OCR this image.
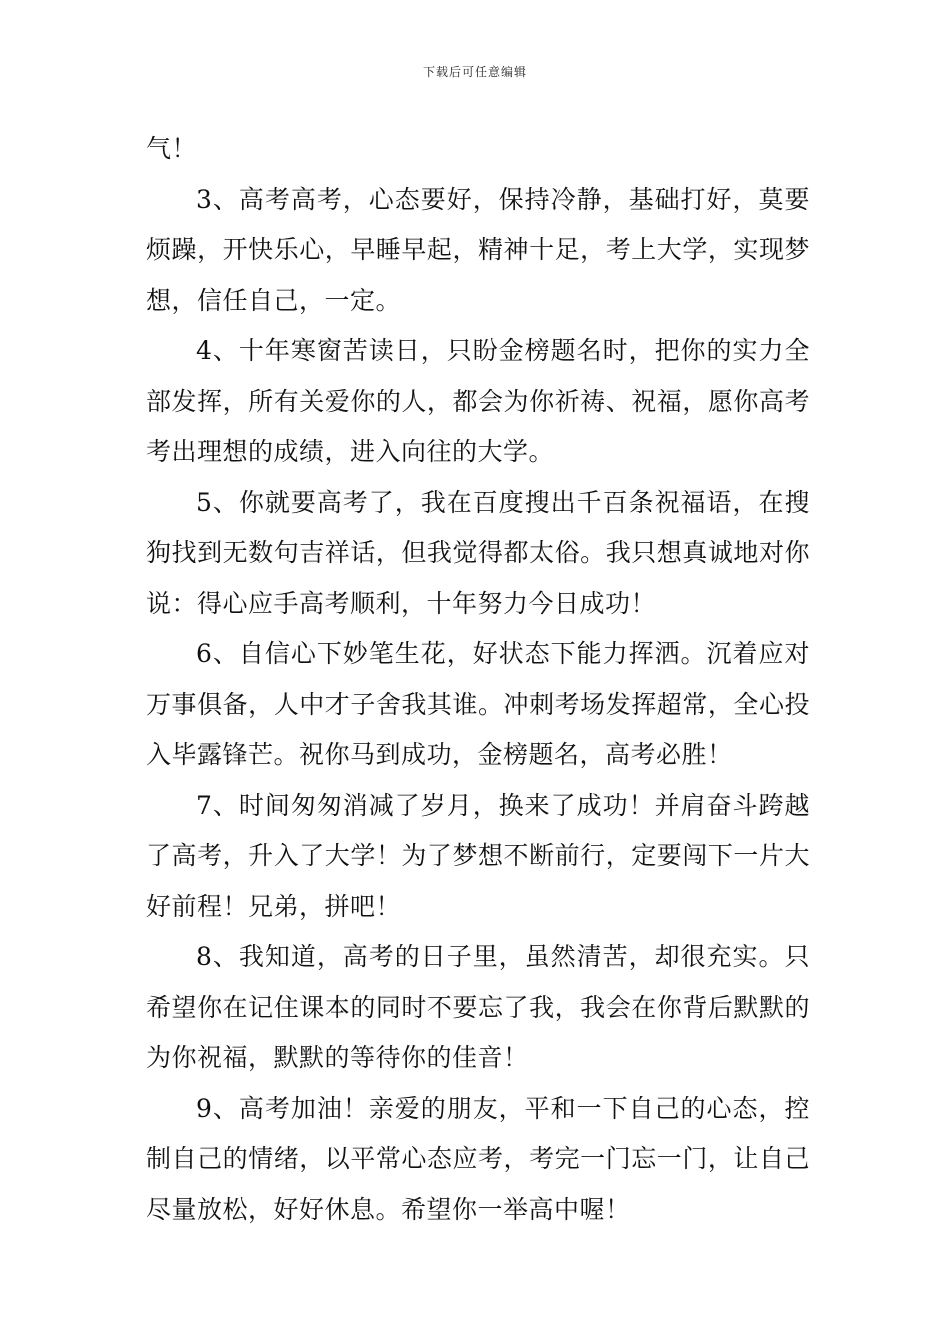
下载后可任意编辑

气！

3、高考高考，心态要好，保持冷静，基础打好，莫要烦躁，开快乐心，早睡早起，精神十足，考上大学，实现梦想，信任自己，一定。

4、十年寒窗苦读日，只盼金榜题名时，把你的实力全部发挥，所有关爱你的人，都会为你祈祷、祝福，愿你高考考出理想的成绩，进入向往的大学。

5、你就要高考了，我在百度搜出千百条祝福语，在搜狗找到无数句吉祥话，但我觉得都太俗。我只想真诚地对你说：得心应手高考顺利，十年努力今日成功！

6、自信心下妙笔生花，好状态下能力挥洒。沉着应对万事俱备，人中才子舍我其谁。冲刺考场发挥超常，全心投入毕露锋芒。祝你马到成功，金榜题名，高考必胜！

7、时间匆匆消减了岁月，换来了成功！并肩奋斗跨越了高考，升入了大学！为了梦想不断前行，定要闯下一片大好前程！兄弟，拼吧！

8、我知道，高考的日子里，虽然清苦，却很充实。只希望你在记住课本的同时不要忘了我，我会在你背后默默的为你祝福，默默的等待你的佳音！

9、高考加油！亲爱的朋友，平和一下自己的心态，控制自己的情绪，以平常心态应考，考完一门忘一门，让自己尽量放松，好好休息。希望你一举高中喔！
